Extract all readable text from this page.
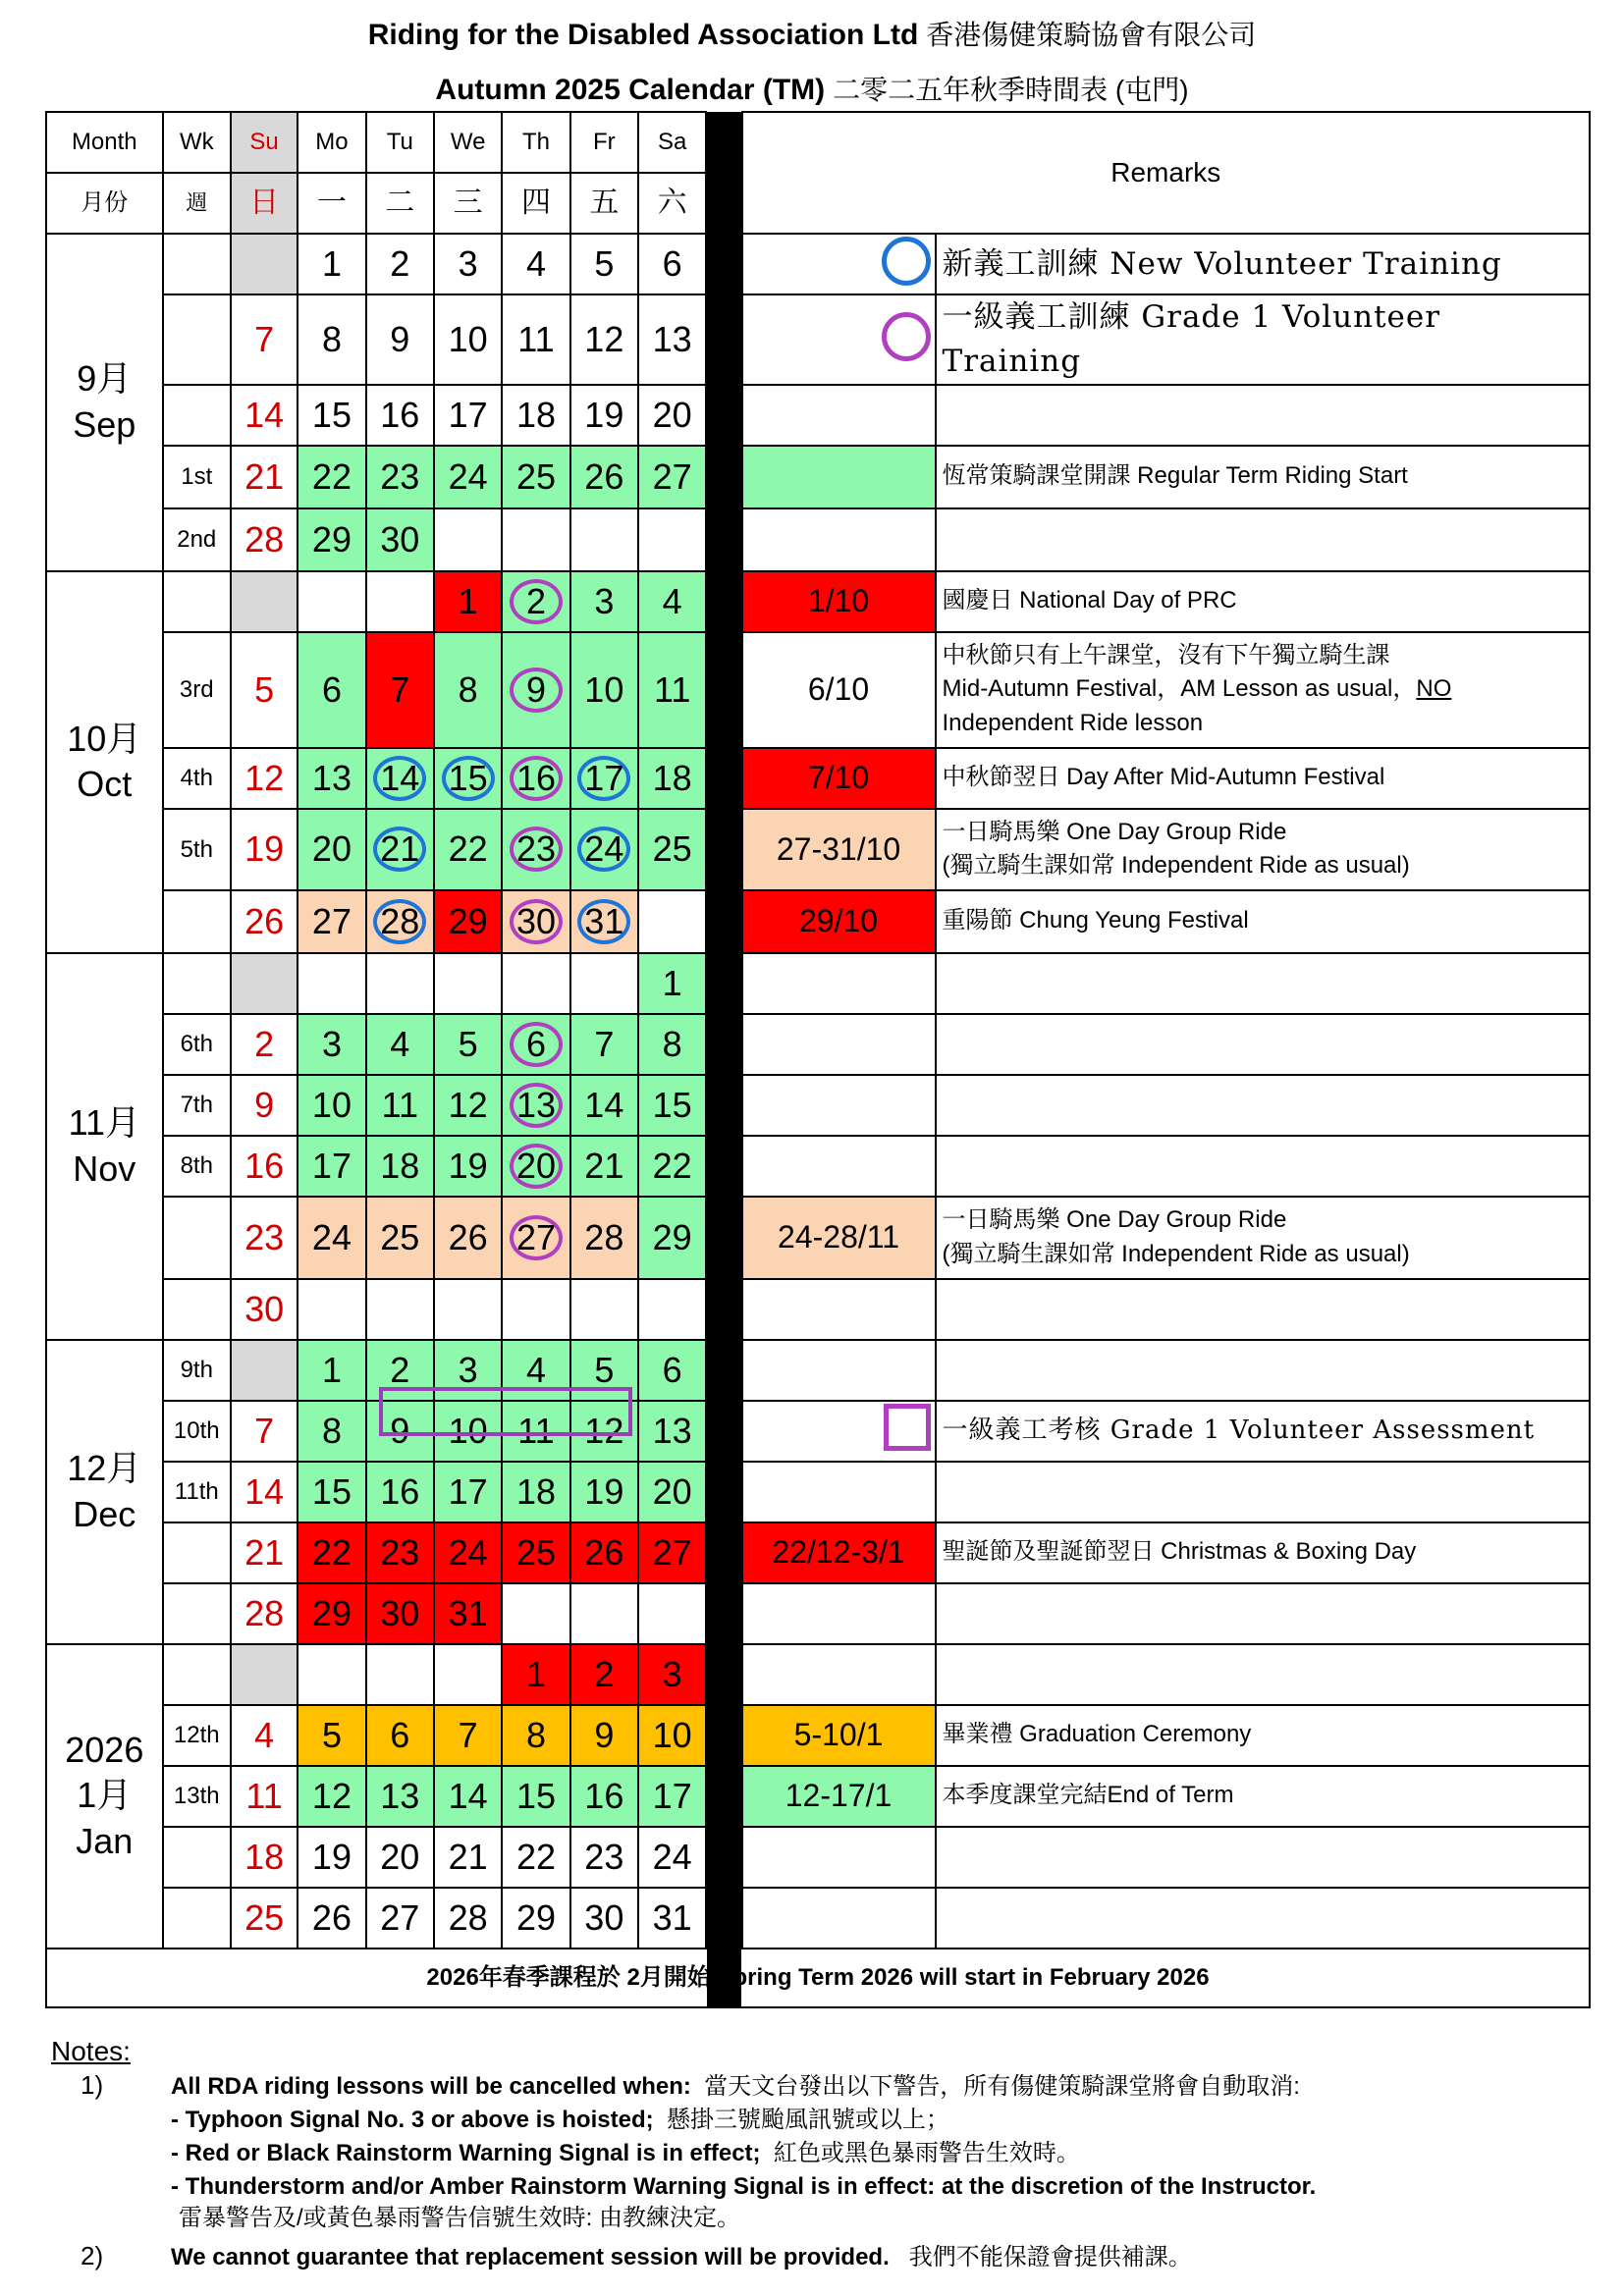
Riding for the Disabled Association Ltd 香港傷健策騎協會有限公司
Autumn 2025 Calendar (TM) 二零二五年秋季時間表 (屯門)
Month	Wk	Su	Mo	Tu	We	Th	Fr	Sa		Remarks	
月份	週	日	一	二	三	四	五	六			
9月
Sep			1	2	3	4	5	6			新義工訓練 New Volunteer Training
		7	8	9	10	11	12	13			一級義工訓練 Grade 1 Volunteer Training
		14	15	16	17	18	19	20			
	1st	21	22	23	24	25	26	27			恆常策騎課堂開課 Regular Term Riding Start
	2nd	28	29	30							
10月
Oct					1	2	3	4		1/10	國慶日 National Day of PRC
	3rd	5	6	7	8	9	10	11		6/10	中秋節只有上午課堂，沒有下午獨立騎生課
Mid-Autumn Festival，AM Lesson as usual，NO
Independent Ride lesson
	4th	12	13	14	15	16	17	18		7/10	中秋節翌日 Day After Mid-Autumn Festival
	5th	19	20	21	22	23	24	25		27-31/10	一日騎馬樂 One Day Group Ride
(獨立騎生課如常 Independent Ride as usual)
		26	27	28	29	30	31			29/10	重陽節 Chung Yeung Festival
11月
Nov								1			
	6th	2	3	4	5	6	7	8			
	7th	9	10	11	12	13	14	15			
	8th	16	17	18	19	20	21	22			
		23	24	25	26	27	28	29		24-28/11	一日騎馬樂 One Day Group Ride
(獨立騎生課如常 Independent Ride as usual)
		30									
12月
Dec	9th		1	2	3	4	5	6			
	10th	7	8	9	10	11	12	13			一級義工考核 Grade 1 Volunteer Assessment
	11th	14	15	16	17	18	19	20			
		21	22	23	24	25	26	27		22/12-3/1	聖誕節及聖誕節翌日 Christmas & Boxing Day
		28	29	30	31						
2026
1月
Jan						1	2	3			
	12th	4	5	6	7	8	9	10		5-10/1	畢業禮 Graduation Ceremony
	13th	11	12	13	14	15	16	17		12-17/1	本季度課堂完結End of Term
		18	19	20	21	22	23	24			
		25	26	27	28	29	30	31			
2026年春季課程於 2月開始 Spring Term 2026 will start in February 2026											
Notes:
1)	All RDA riding lessons will be cancelled when: 當天文台發出以下警告，所有傷健策騎課堂將會自動取消:
- Typhoon Signal No. 3 or above is hoisted; 懸掛三號颱風訊號或以上；
- Red or Black Rainstorm Warning Signal is in effect; 紅色或黑色暴雨警告生效時。
- Thunderstorm and/or Amber Rainstorm Warning Signal is in effect: at the discretion of the Instructor.
雷暴警告及/或黃色暴雨警告信號生效時: 由教練決定。
2)	We cannot guarantee that replacement session will be provided. 我們不能保證會提供補課。
